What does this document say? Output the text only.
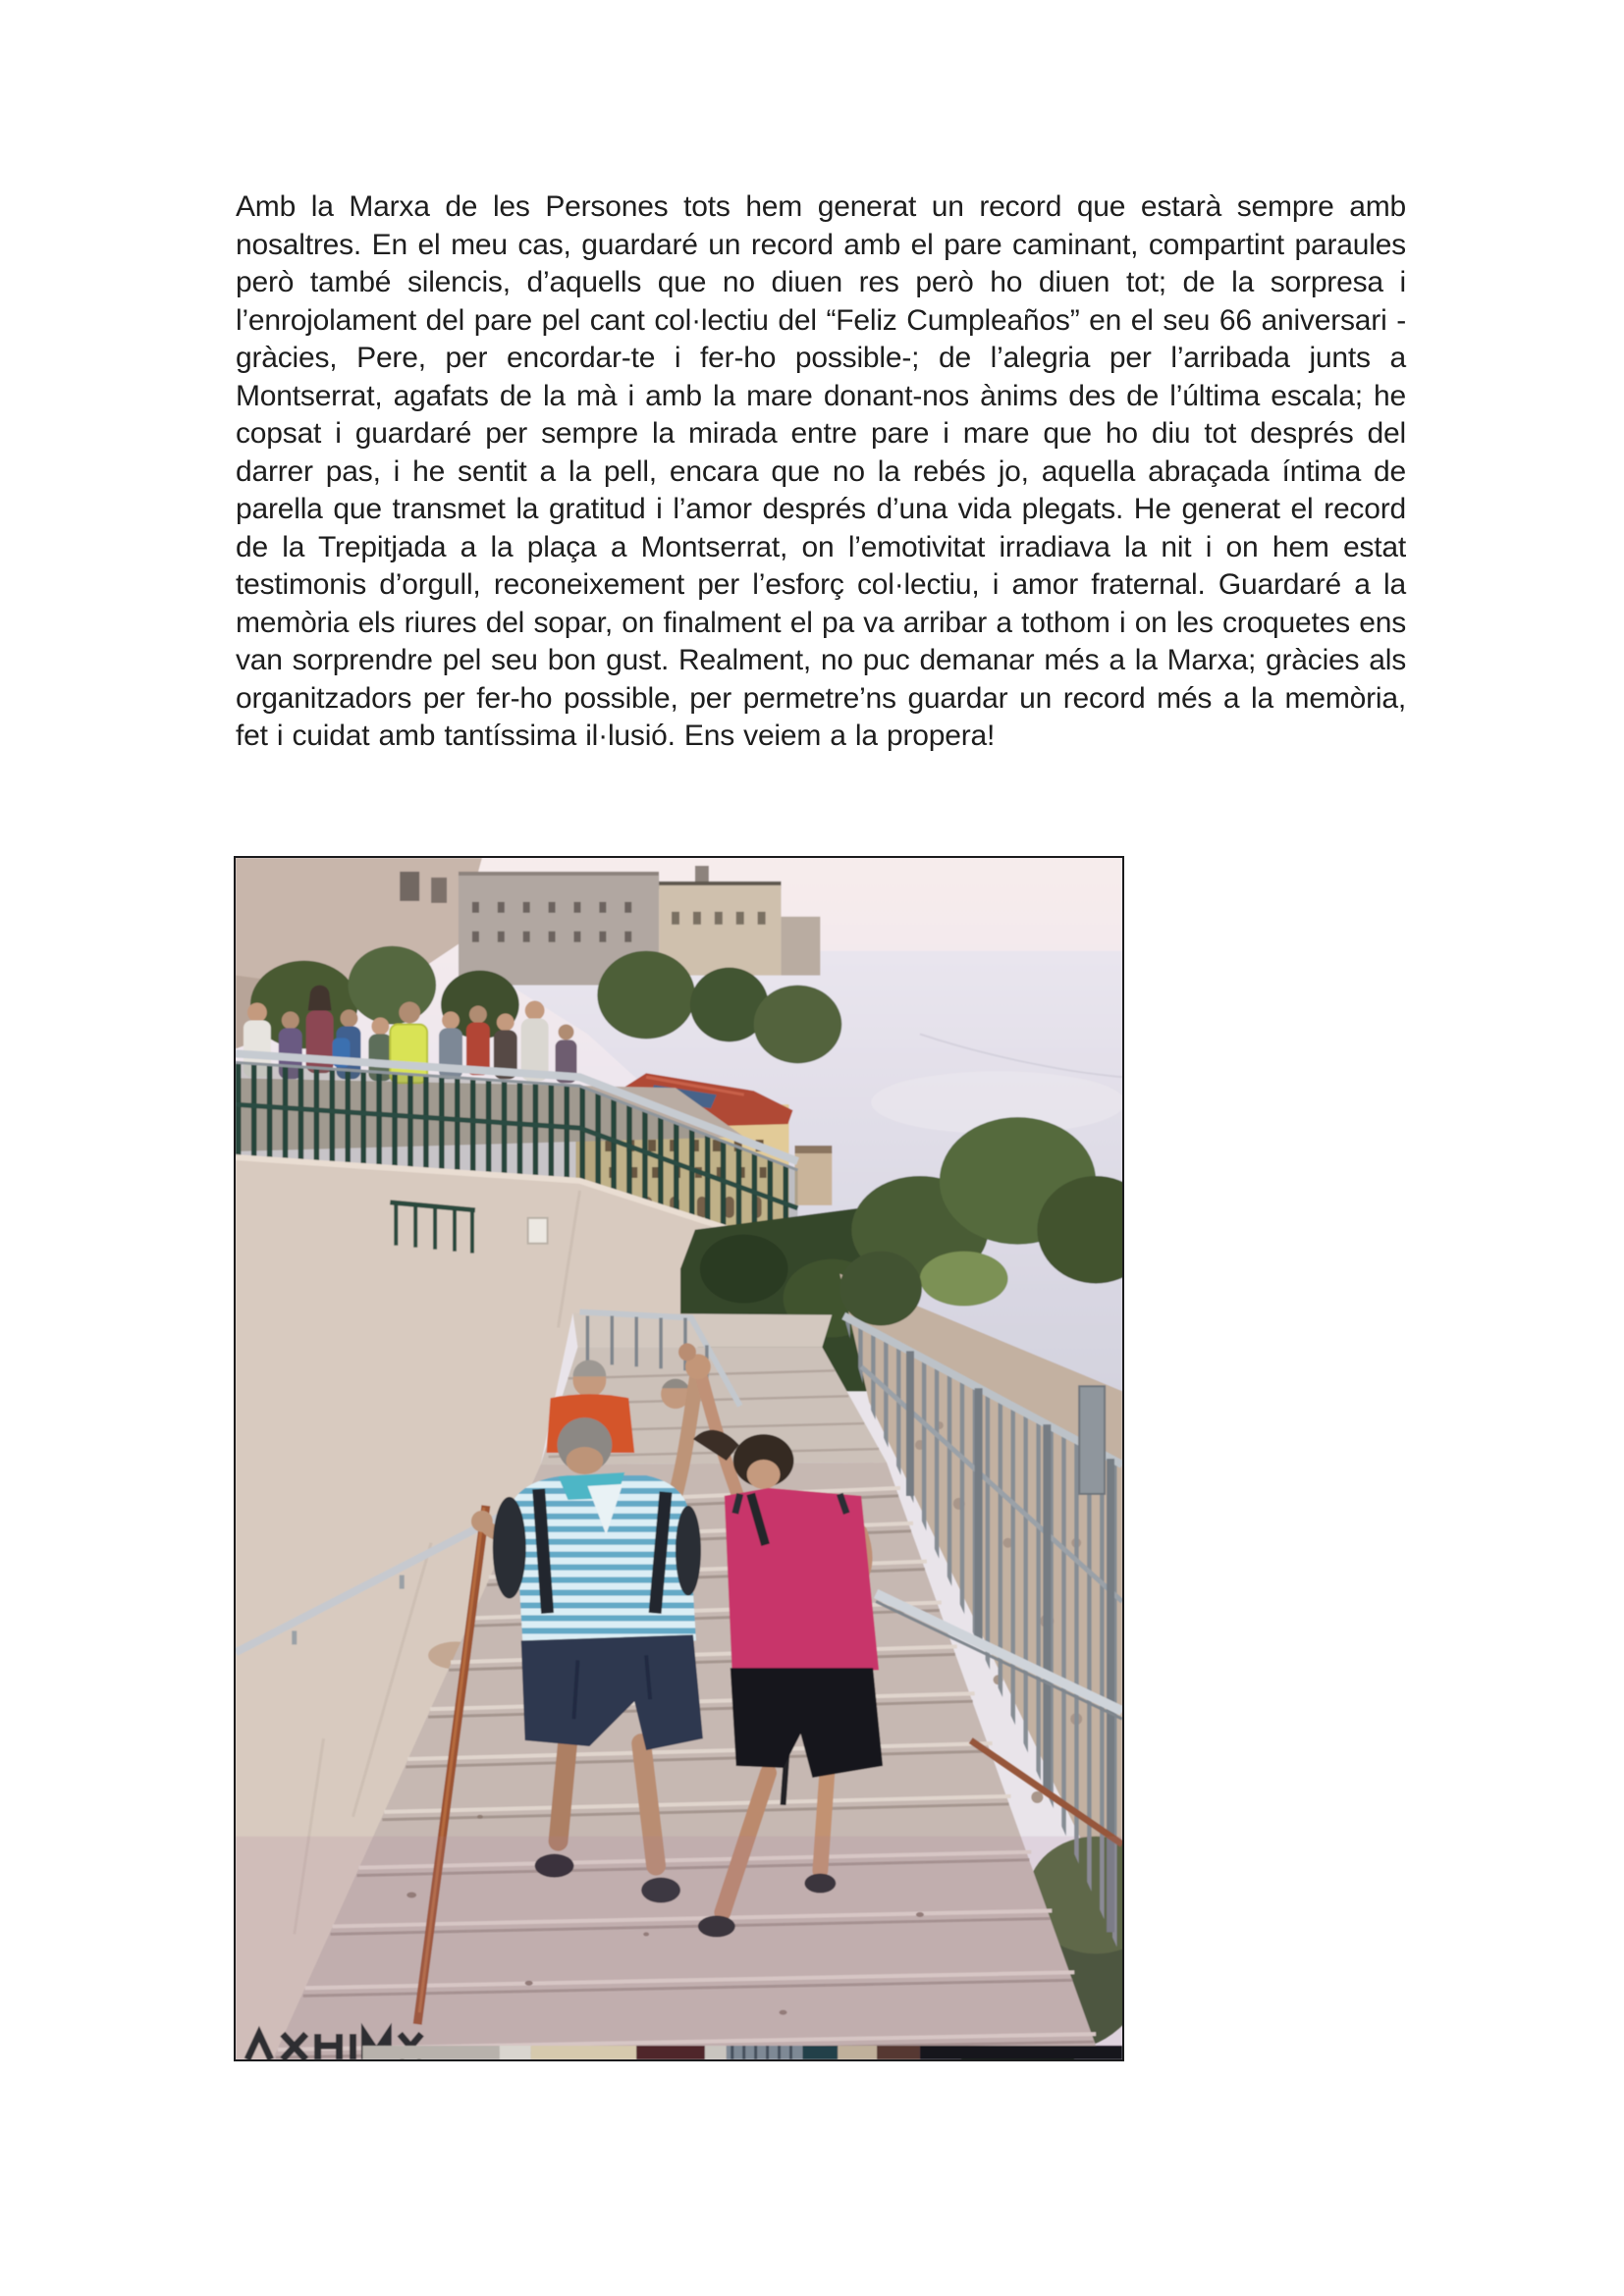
Amb la Marxa de les Persones tots hem generat un record que estarà sempre amb nosaltres. En el meu cas, guardaré un record amb el pare caminant, compartint paraules però també silencis, d’aquells que no diuen res però ho diuen tot; de la sorpresa i l’enrojolament del pare pel cant col·lectiu del “Feliz Cumpleaños” en el seu 66 aniversari -gràcies, Pere, per encordar-te i fer-ho possible-; de l’alegria per l’arribada junts a Montserrat, agafats de la mà i amb la mare donant-nos ànims des de l’última escala; he copsat i guardaré per sempre la mirada entre pare i mare que ho diu tot després del darrer pas, i he sentit a la pell, encara que no la rebés jo, aquella abraçada íntima de parella que transmet la gratitud i l’amor després d’una vida plegats. He generat el record de la Trepitjada a la plaça a Montserrat, on l’emotivitat irradiava la nit i on hem estat testimonis d’orgull, reconeixement per l’esforç col·lectiu, i amor fraternal. Guardaré a la memòria els riures del sopar, on finalment el pa va arribar a tothom i on les croquetes ens van sorprendre pel seu bon gust. Realment, no puc demanar més a la Marxa; gràcies als organitzadors per fer-ho possible, per permetre’ns guardar un record més a la memòria, fet i cuidat amb tantíssima il·lusió. Ens veiem a la propera!
